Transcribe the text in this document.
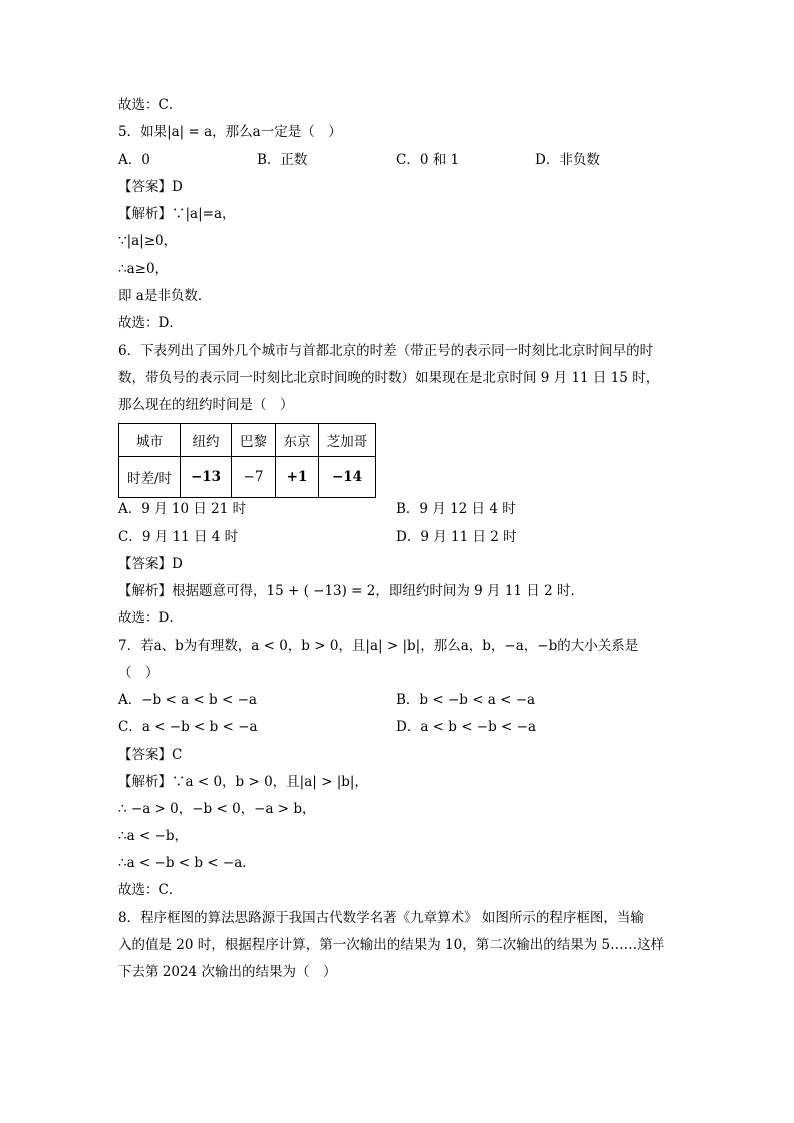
故选：C．
5．如果|a| = a，那么a一定是（　）
A．0	B．正数	C．0 和 1	D．非负数
【答案】D
【解析】∵|a|=a，
∵|a|≥0，
∴a≥0，
即 a是非负数．
故选：D．
6．下表列出了国外几个城市与首都北京的时差（带正号的表示同一时刻比北京时间早的时
数，带负号的表示同一时刻比北京时间晚的时数）如果现在是北京时间 9 月 11 日 15 时，
那么现在的纽约时间是（　）
城市	纽约	巴黎	东京	芝加哥
时差/时	−13	−7	+1	−14
A．9 月 10 日 21 时	B．9 月 12 日 4 时
C．9 月 11 日 4 时	D．9 月 11 日 2 时
【答案】D
【解析】根据题意可得，15 + ( −13) = 2，即纽约时间为 9 月 11 日 2 时．
故选：D．
7．若a、b为有理数，a < 0，b > 0，且|a| > |b|，那么a，b，−a，−b的大小关系是
（　）
A．−b < a < b < −a	B．b < −b < a < −a
C．a < −b < b < −a	D．a < b < −b < −a
【答案】C
【解析】∵a < 0，b > 0，且|a| > |b|，
∴ −a > 0，−b < 0，−a > b，
∴a < −b，
∴a < −b < b < −a．
故选：C．
8．程序框图的算法思路源于我国古代数学名著《九章算术》 如图所示的程序框图，当输
入的值是 20 时，根据程序计算，第一次输出的结果为 10，第二次输出的结果为 5……这样
下去第 2024 次输出的结果为（　）
